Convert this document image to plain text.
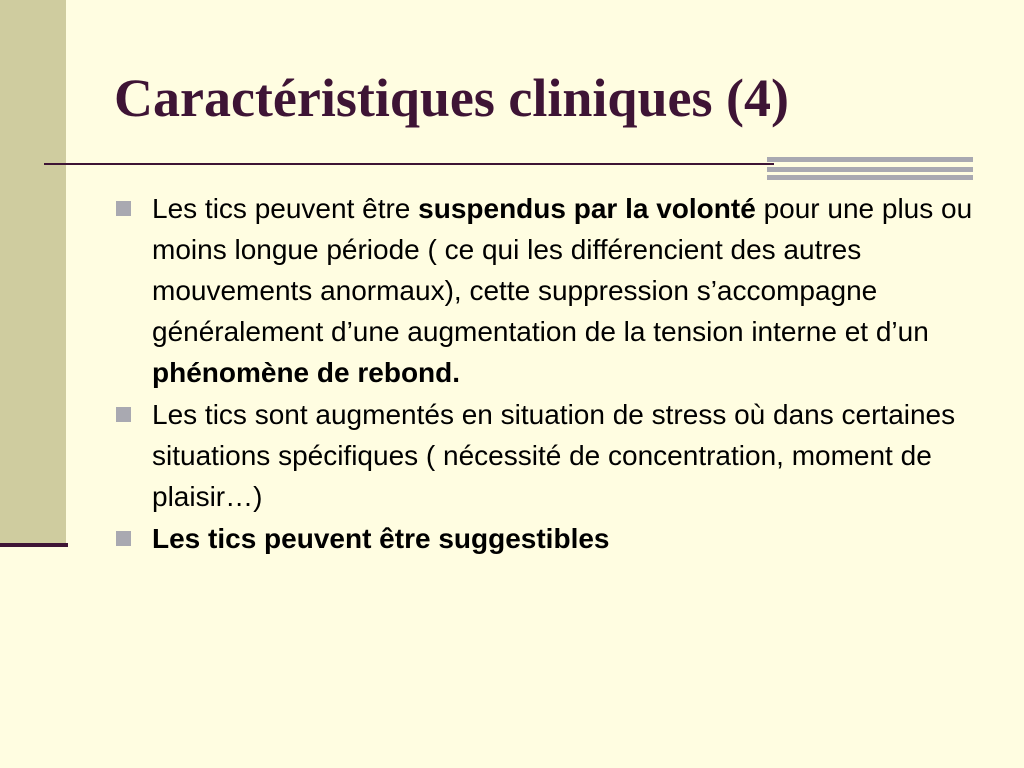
Caractéristiques cliniques (4)
Les tics peuvent être suspendus par la volonté pour une plus ou moins longue période ( ce qui les différencient des autres mouvements anormaux), cette suppression s’accompagne généralement d’une augmentation de la tension interne et d’un phénomène de rebond.
Les tics sont augmentés en situation de stress où dans certaines situations spécifiques ( nécessité de concentration, moment de plaisir…)
Les tics peuvent être suggestibles
